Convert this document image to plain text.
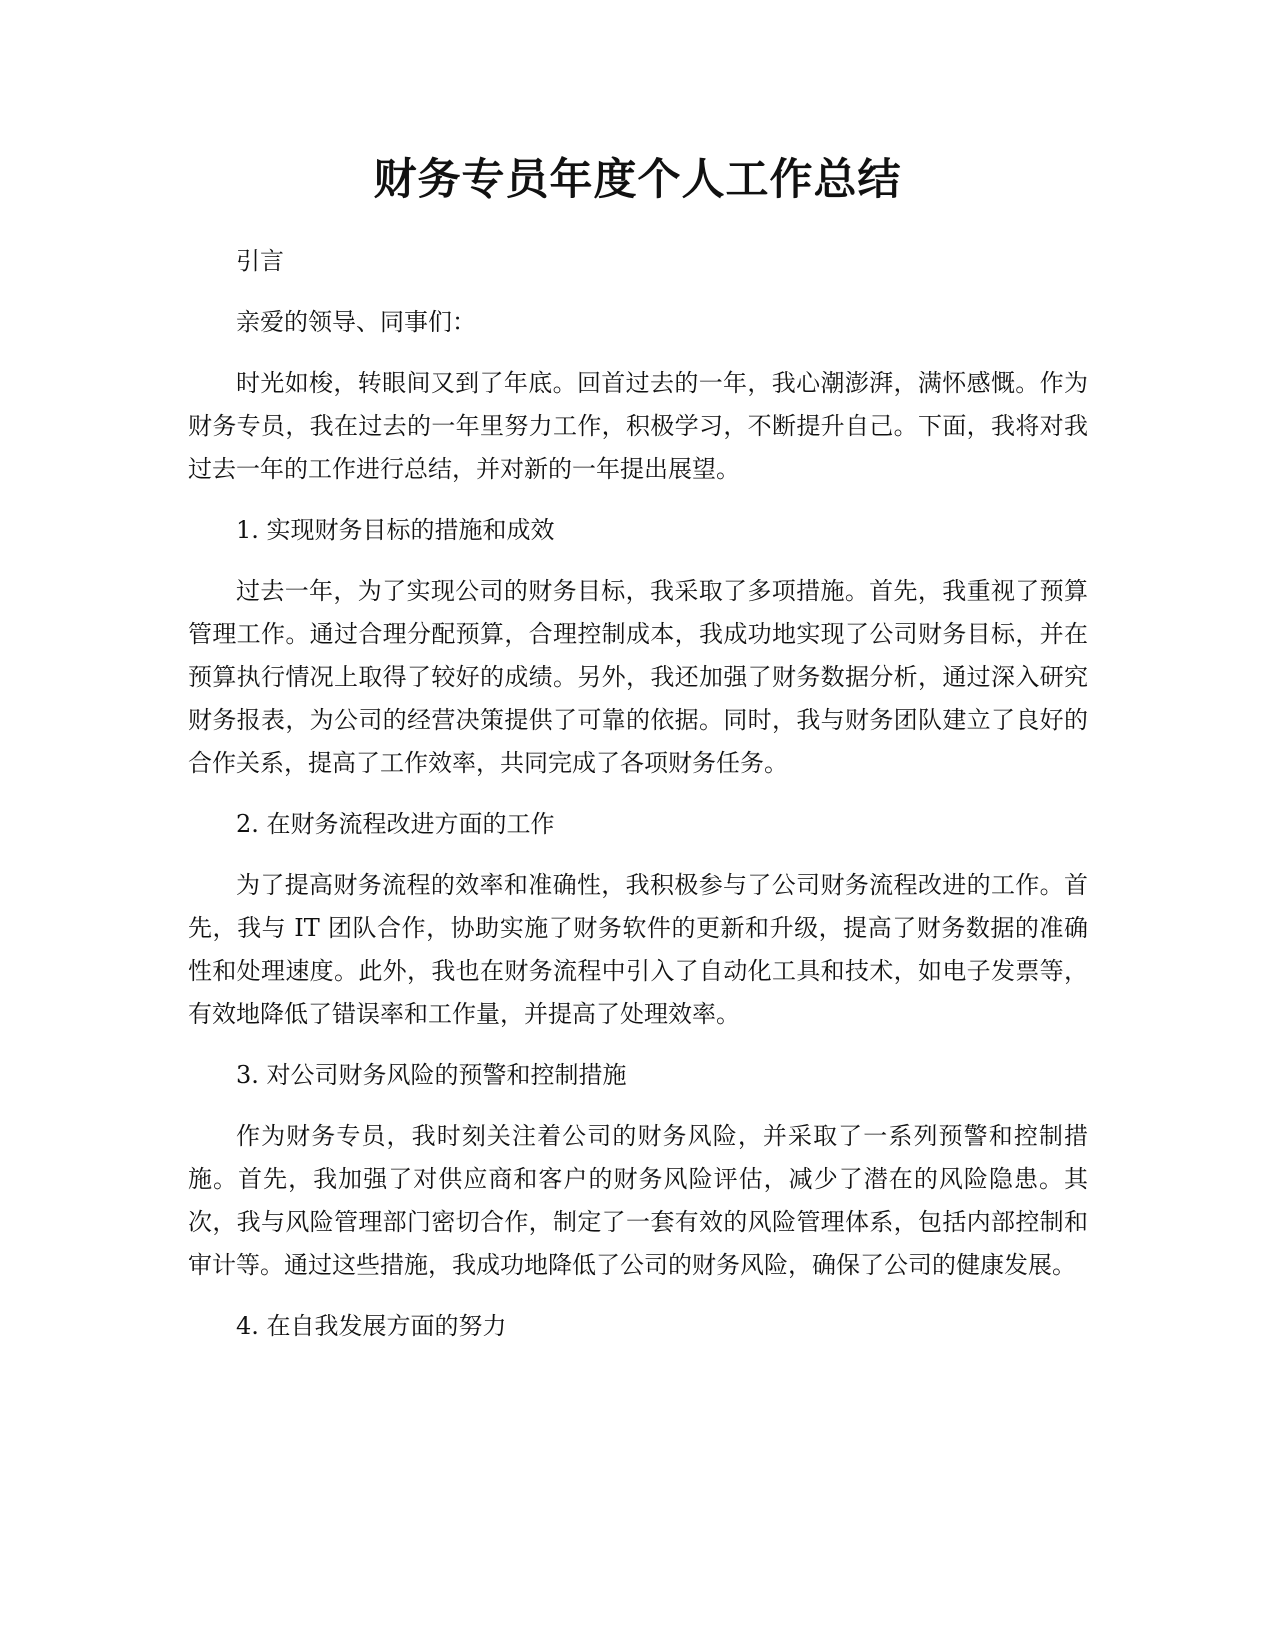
财务专员年度个人工作总结

引言

亲爱的领导、同事们：

时光如梭，转眼间又到了年底。回首过去的一年，我心潮澎湃，满怀感慨。作为财务专员，我在过去的一年里努力工作，积极学习，不断提升自己。下面，我将对我过去一年的工作进行总结，并对新的一年提出展望。

1. 实现财务目标的措施和成效

过去一年，为了实现公司的财务目标，我采取了多项措施。首先，我重视了预算管理工作。通过合理分配预算，合理控制成本，我成功地实现了公司财务目标，并在预算执行情况上取得了较好的成绩。另外，我还加强了财务数据分析，通过深入研究财务报表，为公司的经营决策提供了可靠的依据。同时，我与财务团队建立了良好的合作关系，提高了工作效率，共同完成了各项财务任务。

2. 在财务流程改进方面的工作

为了提高财务流程的效率和准确性，我积极参与了公司财务流程改进的工作。首先，我与 IT 团队合作，协助实施了财务软件的更新和升级，提高了财务数据的准确性和处理速度。此外，我也在财务流程中引入了自动化工具和技术，如电子发票等，有效地降低了错误率和工作量，并提高了处理效率。

3. 对公司财务风险的预警和控制措施

作为财务专员，我时刻关注着公司的财务风险，并采取了一系列预警和控制措施。首先，我加强了对供应商和客户的财务风险评估，减少了潜在的风险隐患。其次，我与风险管理部门密切合作，制定了一套有效的风险管理体系，包括内部控制和审计等。通过这些措施，我成功地降低了公司的财务风险，确保了公司的健康发展。

4. 在自我发展方面的努力
